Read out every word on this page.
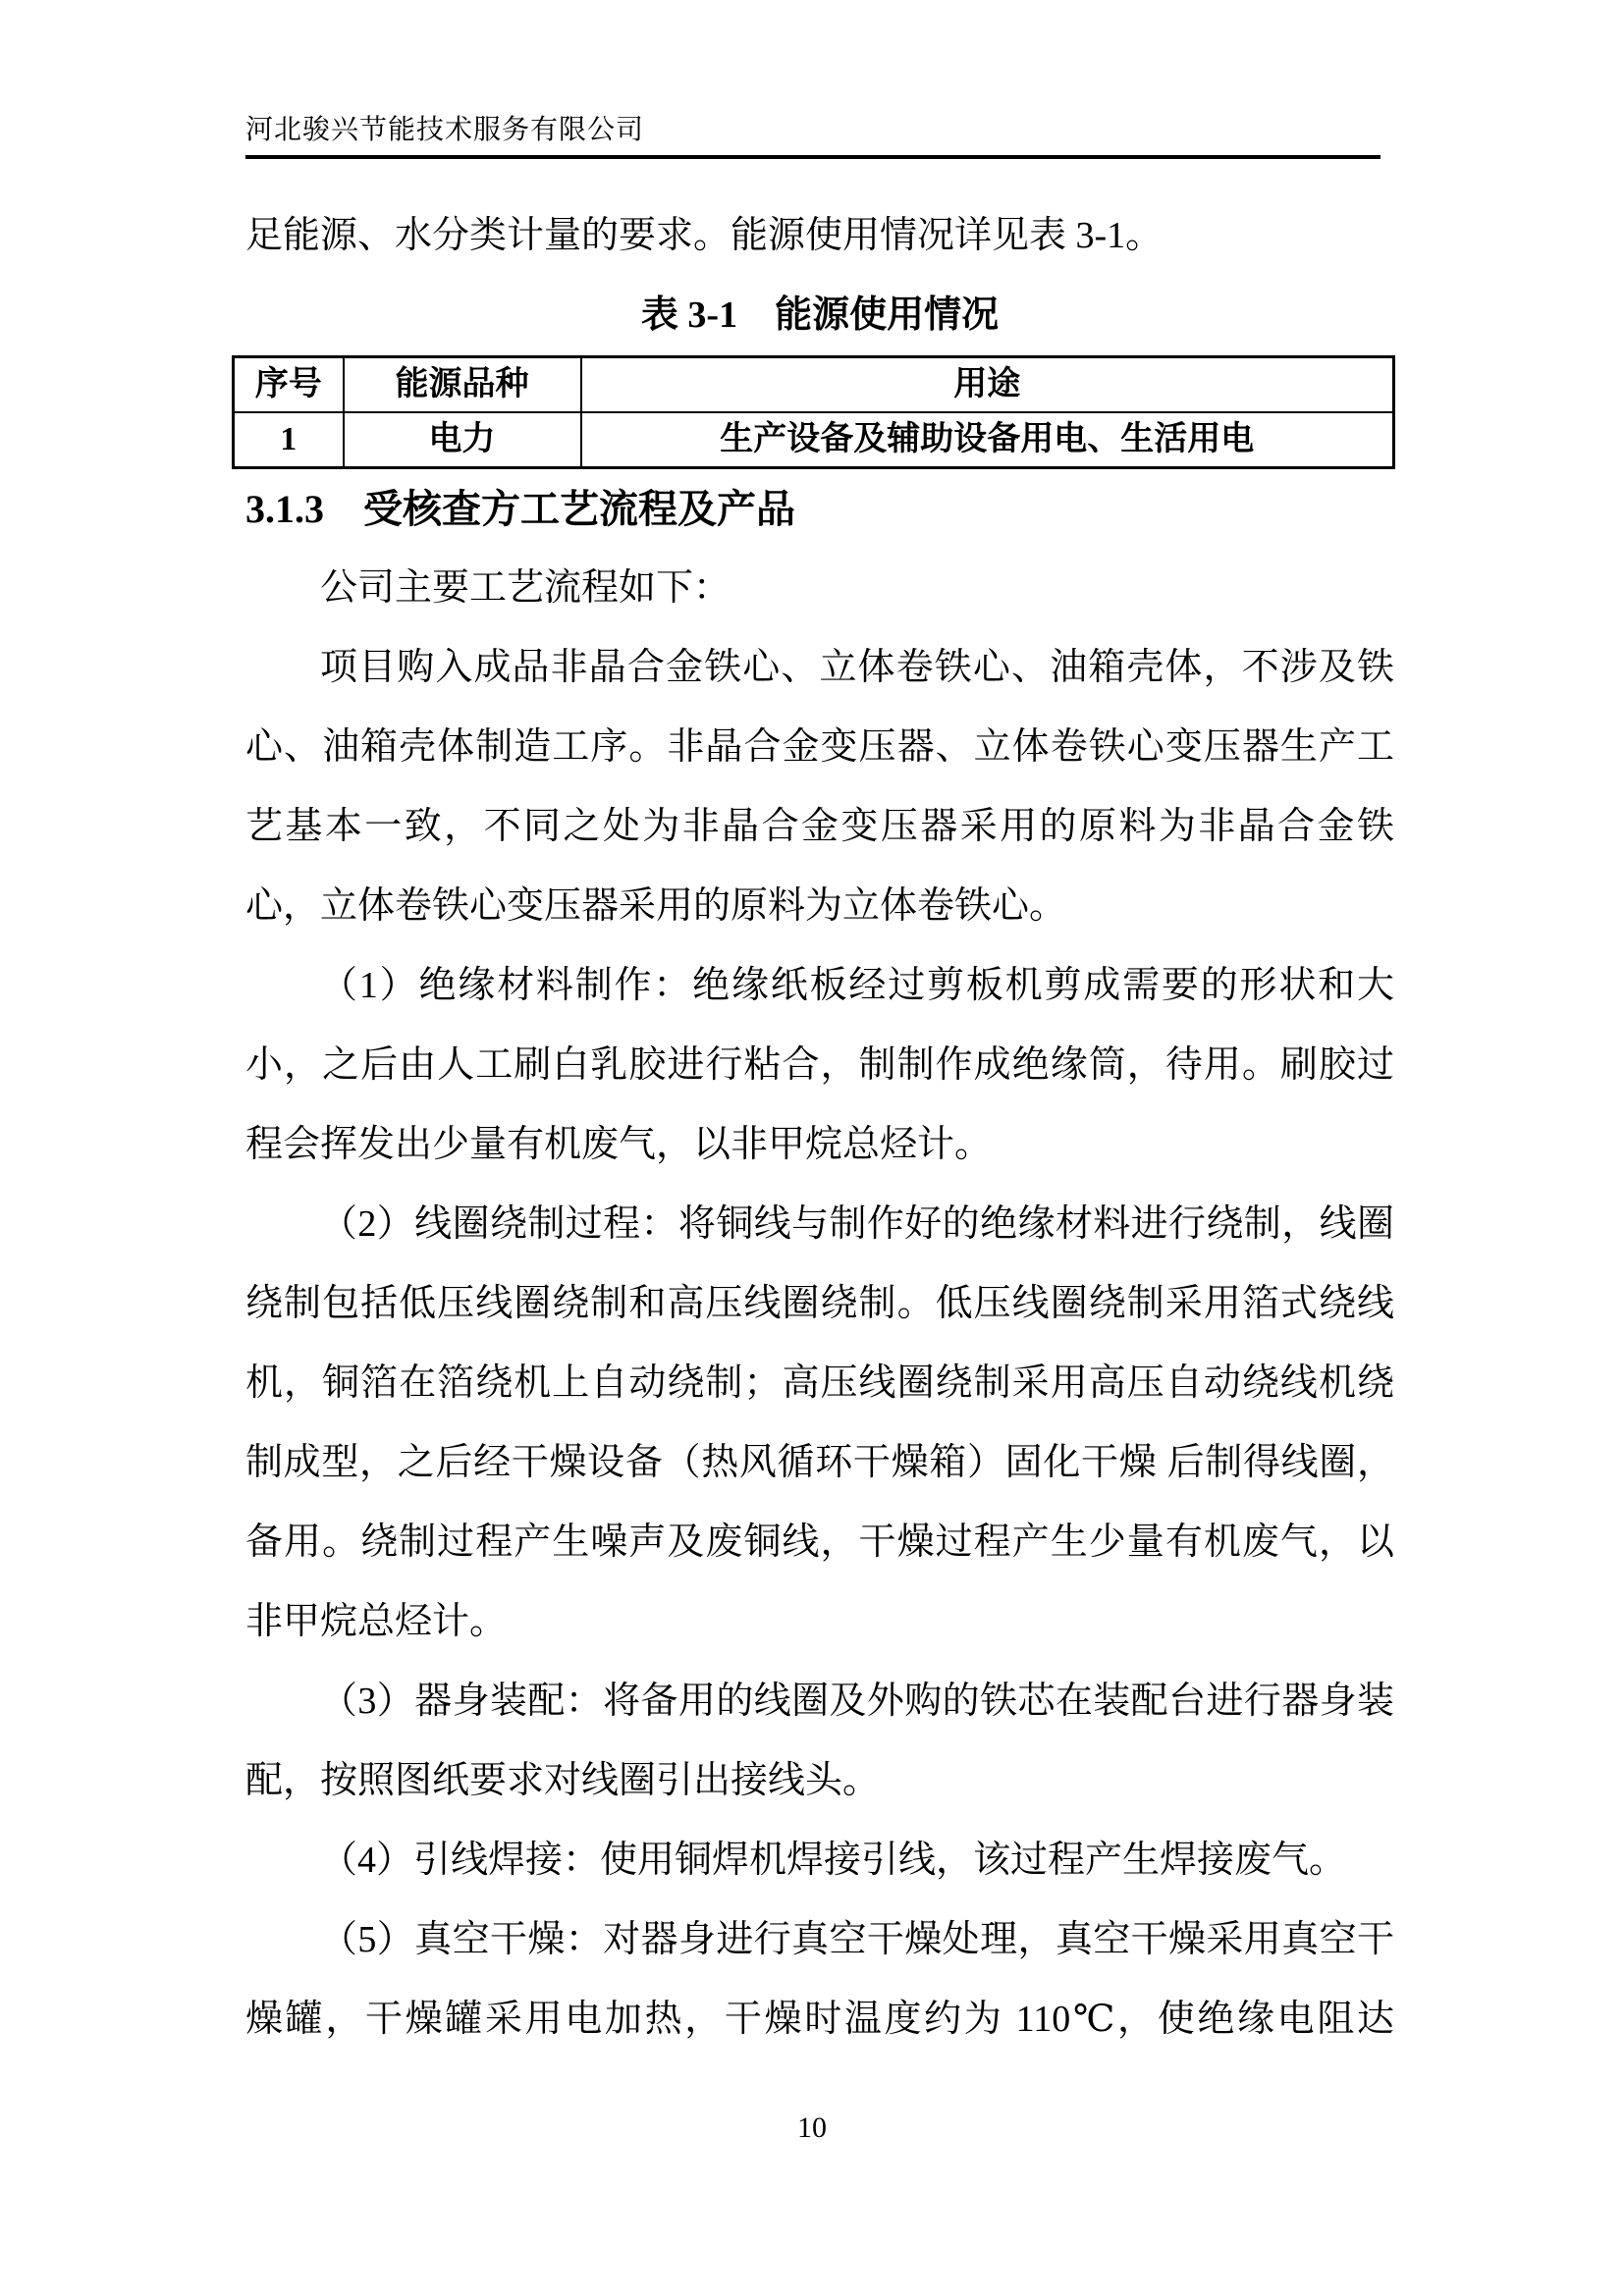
河北骏兴节能技术服务有限公司

足能源、水分类计量的要求。能源使用情况详见表 3-1。

表 3-1　能源使用情况
序号	能源品种	用途
1	电力	生产设备及辅助设备用电、生活用电
3.1.3　受核查方工艺流程及产品

公司主要工艺流程如下：

项目购入成品非晶合金铁心、立体卷铁心、油箱壳体，不涉及铁心、油箱壳体制造工序。非晶合金变压器、立体卷铁心变压器生产工艺基本一致，不同之处为非晶合金变压器采用的原料为非晶合金铁心，立体卷铁心变压器采用的原料为立体卷铁心。

（1）绝缘材料制作：绝缘纸板经过剪板机剪成需要的形状和大小，之后由人工刷白乳胶进行粘合，制制作成绝缘筒，待用。刷胶过程会挥发出少量有机废气，以非甲烷总烃计。

（2）线圈绕制过程：将铜线与制作好的绝缘材料进行绕制，线圈绕制包括低压线圈绕制和高压线圈绕制。低压线圈绕制采用箔式绕线机，铜箔在箔绕机上自动绕制；高压线圈绕制采用高压自动绕线机绕制成型，之后经干燥设备（热风循环干燥箱）固化干燥 后制得线圈，备用。绕制过程产生噪声及废铜线，干燥过程产生少量有机废气，以非甲烷总烃计。

（3）器身装配：将备用的线圈及外购的铁芯在装配台进行器身装配，按照图纸要求对线圈引出接线头。

（4）引线焊接：使用铜焊机焊接引线，该过程产生焊接废气。

（5）真空干燥：对器身进行真空干燥处理，真空干燥采用真空干燥罐，干燥罐采用电加热，干燥时温度约为 110℃，使绝缘电阻达

10
